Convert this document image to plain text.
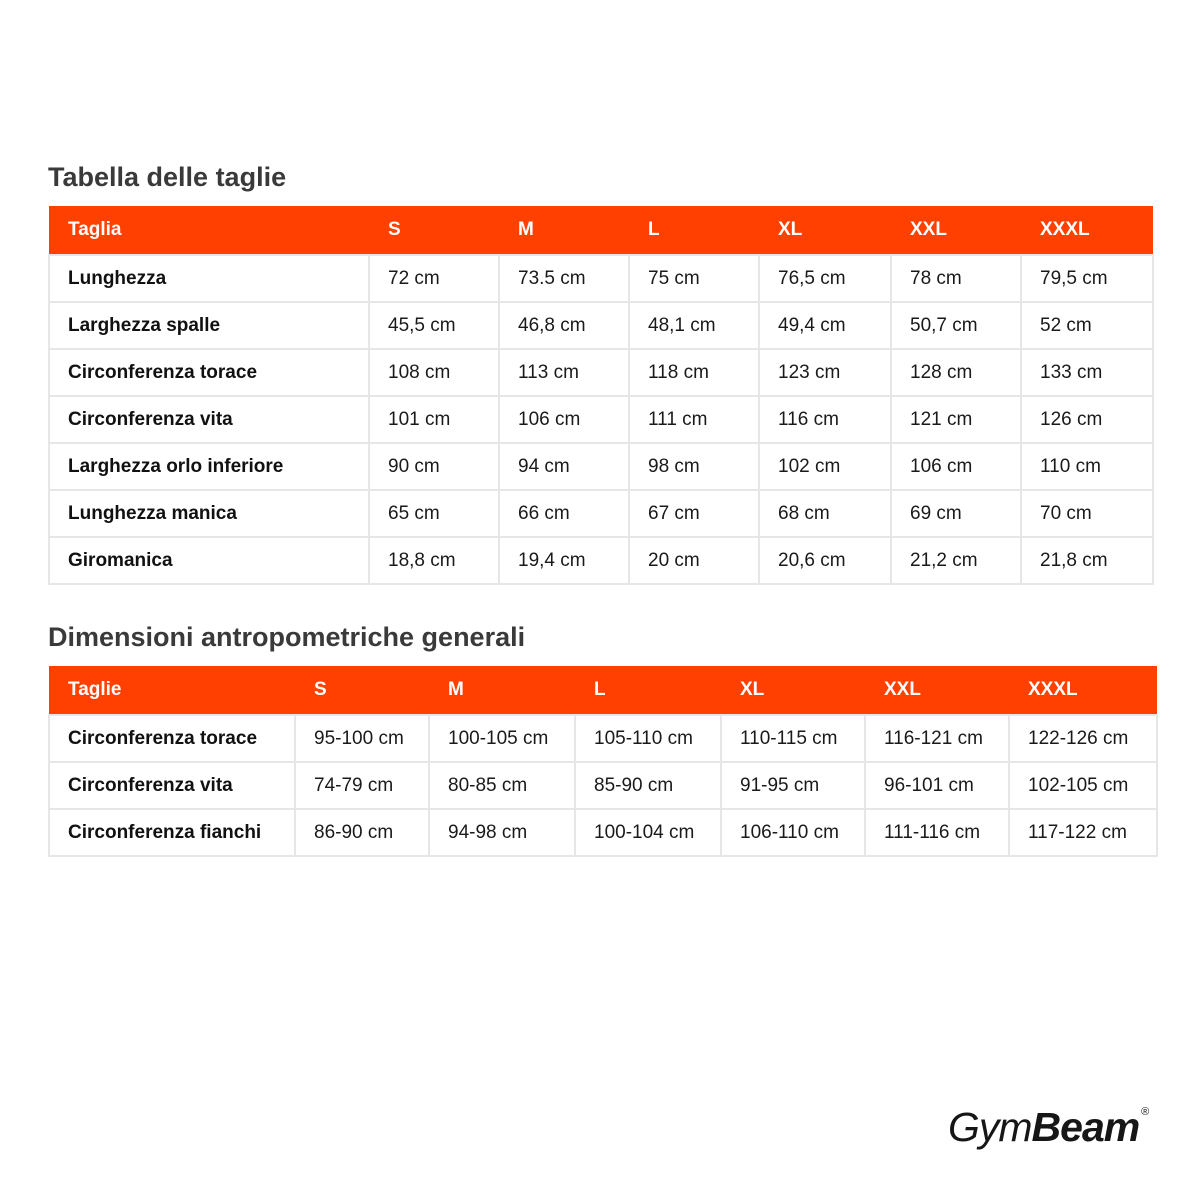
Tabella delle taglie
Taglia	S	M	L	XL	XXL	XXXL
Lunghezza	72 cm	73.5 cm	75 cm	76,5 cm	78 cm	79,5 cm
Larghezza spalle	45,5 cm	46,8 cm	48,1 cm	49,4 cm	50,7 cm	52 cm
Circonferenza torace	108 cm	113 cm	118 cm	123 cm	128 cm	133 cm
Circonferenza vita	101 cm	106 cm	111 cm	116 cm	121 cm	126 cm
Larghezza orlo inferiore	90 cm	94 cm	98 cm	102 cm	106 cm	110 cm
Lunghezza manica	65 cm	66 cm	67 cm	68 cm	69 cm	70 cm
Giromanica	18,8 cm	19,4 cm	20 cm	20,6 cm	21,2 cm	21,8 cm
Dimensioni antropometriche generali
Taglie	S	M	L	XL	XXL	XXXL
Circonferenza torace	95-100 cm	100-105 cm	105-110 cm	110-115 cm	116-121 cm	122-126 cm
Circonferenza vita	74-79 cm	80-85 cm	85-90 cm	91-95 cm	96-101 cm	102-105 cm
Circonferenza fianchi	86-90 cm	94-98 cm	100-104 cm	106-110 cm	111-116 cm	117-122 cm
GymBeam ®
